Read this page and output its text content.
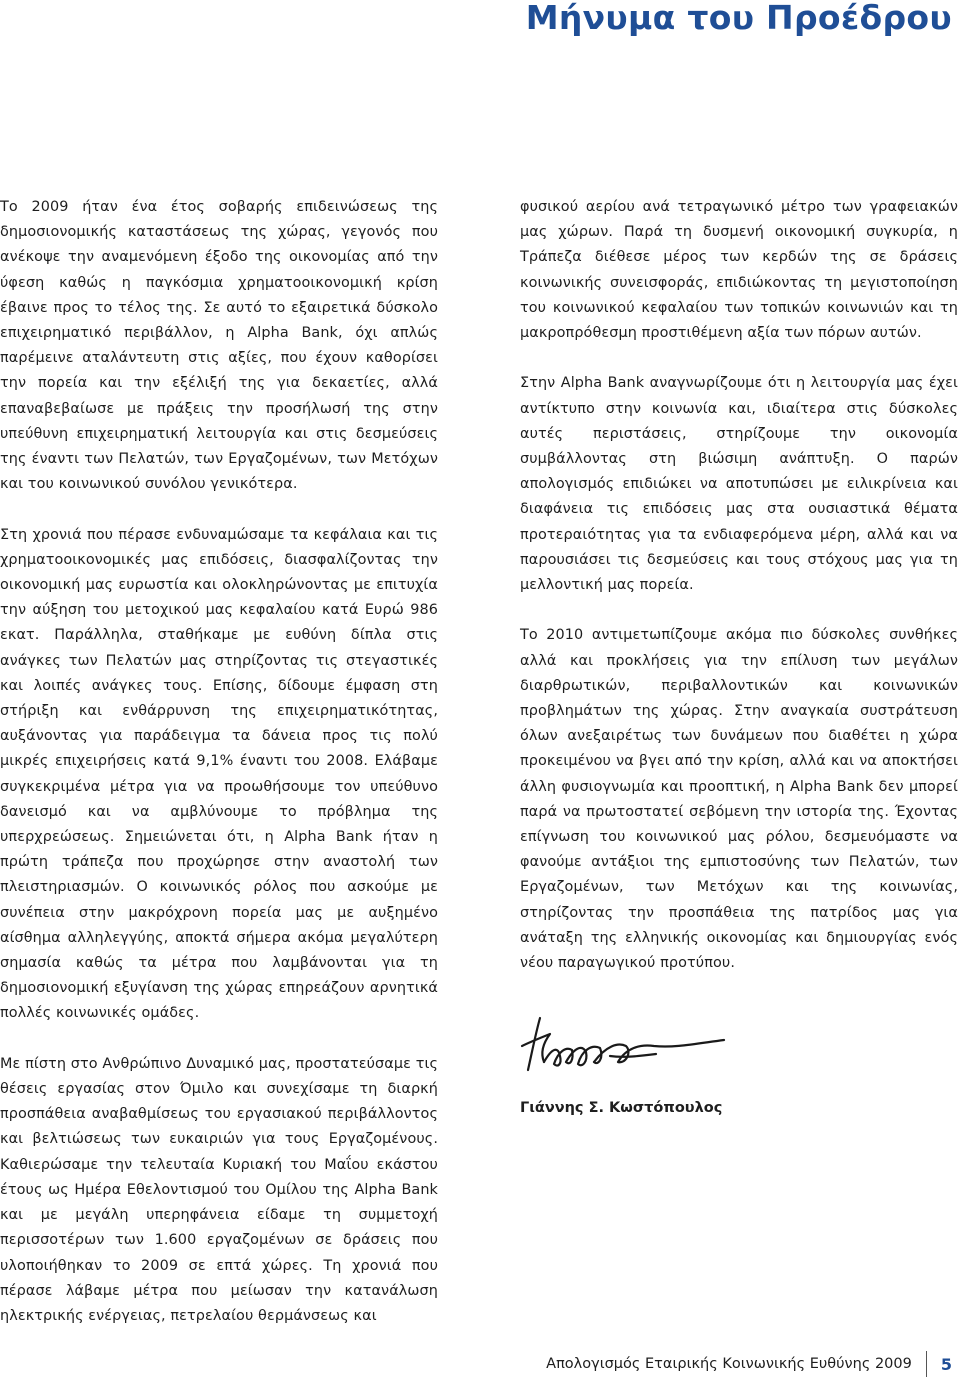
Μήνυμα του Προέδρου

Το 2009 ήταν ένα έτος σοβαρής επιδεινώσεως της δημοσιονομικής καταστάσεως της χώρας, γεγονός που ανέκοψε την αναμενόμενη έξοδο της οικονομίας από την ύφεση καθώς η παγκόσμια χρηματοοικονομική κρίση έβαινε προς το τέλος της. Σε αυτό το εξαιρετικά δύσκολο επιχειρηματικό περιβάλλον, η Alpha Bank, όχι απλώς παρέμεινε αταλάντευτη στις αξίες, που έχουν καθορίσει την πορεία και την εξέλιξή της για δεκαετίες, αλλά επαναβεβαίωσε με πράξεις την προσήλωσή της στην υπεύθυνη επιχειρηματική λειτουργία και στις δεσμεύσεις της έναντι των Πελατών, των Εργαζομένων, των Μετόχων και του κοινωνικού συνόλου γενικότερα.

Στη χρονιά που πέρασε ενδυναμώσαμε τα κεφάλαια και τις χρηματοοικονομικές μας επιδόσεις, διασφαλίζοντας την οικονομική μας ευρωστία και ολοκληρώνοντας με επιτυχία την αύξηση του μετοχικού μας κεφαλαίου κατά Ευρώ 986 εκατ. Παράλληλα, σταθήκαμε με ευθύνη δίπλα στις ανάγκες των Πελατών μας στηρίζοντας τις στεγαστικές και λοιπές ανάγκες τους. Επίσης, δίδουμε έμφαση στη στήριξη και ενθάρρυνση της επιχειρηματικότητας, αυξάνοντας για παράδειγμα τα δάνεια προς τις πολύ μικρές επιχειρήσεις κατά 9,1% έναντι του 2008. Ελάβαμε συγκεκριμένα μέτρα για να προωθήσουμε τον υπεύθυνο δανεισμό και να αμβλύνουμε το πρόβλημα της υπερχρεώσεως. Σημειώνεται ότι, η Alpha Bank ήταν η πρώτη τράπεζα που προχώρησε στην αναστολή των πλειστηριασμών. Ο κοινωνικός ρόλος που ασκούμε με συνέπεια στην μακρόχρονη πορεία μας με αυξημένο αίσθημα αλληλεγγύης, αποκτά σήμερα ακόμα μεγαλύτερη σημασία καθώς τα μέτρα που λαμβάνονται για τη δημοσιονομική εξυγίανση της χώρας επηρεάζουν αρνητικά πολλές κοινωνικές ομάδες.

Με πίστη στο Ανθρώπινο Δυναμικό μας, προστατεύσαμε τις θέσεις εργασίας στον Όμιλο και συνεχίσαμε τη διαρκή προσπάθεια αναβαθμίσεως του εργασιακού περιβάλλοντος και βελτιώσεως των ευκαιριών για τους Εργαζομένους. Καθιερώσαμε την τελευταία Κυριακή του Μαΐου εκάστου έτους ως Ημέρα Εθελοντισμού του Ομίλου της Alpha Bank και με μεγάλη υπερηφάνεια είδαμε τη συμμετοχή περισσοτέρων των 1.600 εργαζομένων σε δράσεις που υλοποιήθηκαν το 2009 σε επτά χώρες. Τη χρονιά που πέρασε λάβαμε μέτρα που μείωσαν την κατανάλωση ηλεκτρικής ενέργειας, πετρελαίου θερμάνσεως και

φυσικού αερίου ανά τετραγωνικό μέτρο των γραφειακών μας χώρων. Παρά τη δυσμενή οικονομική συγκυρία, η Τράπεζα διέθεσε μέρος των κερδών της σε δράσεις κοινωνικής συνεισφοράς, επιδιώκοντας τη μεγιστοποίηση του κοινωνικού κεφαλαίου των τοπικών κοινωνιών και τη μακροπρόθεσμη προστιθέμενη αξία των πόρων αυτών.

Στην Alpha Bank αναγνωρίζουμε ότι η λειτουργία μας έχει αντίκτυπο στην κοινωνία και, ιδιαίτερα στις δύσκολες αυτές περιστάσεις, στηρίζουμε την οικονομία συμβάλλοντας στη βιώσιμη ανάπτυξη. Ο παρών απολογισμός επιδιώκει να αποτυπώσει με ειλικρίνεια και διαφάνεια τις επιδόσεις μας στα ουσιαστικά θέματα προτεραιότητας για τα ενδιαφερόμενα μέρη, αλλά και να παρουσιάσει τις δεσμεύσεις και τους στόχους μας για τη μελλοντική μας πορεία.

Το 2010 αντιμετωπίζουμε ακόμα πιο δύσκολες συνθήκες αλλά και προκλήσεις για την επίλυση των μεγάλων διαρθρωτικών, περιβαλλοντικών και κοινωνικών προβλημάτων της χώρας. Στην αναγκαία συστράτευση όλων ανεξαιρέτως των δυνάμεων που διαθέτει η χώρα προκειμένου να βγει από την κρίση, αλλά και να αποκτήσει άλλη φυσιογνωμία και προοπτική, η Alpha Bank δεν μπορεί παρά να πρωτοστατεί σεβόμενη την ιστορία της. Έχοντας επίγνωση του κοινωνικού μας ρόλου, δεσμευόμαστε να φανούμε αντάξιοι της εμπιστοσύνης των Πελατών, των Εργαζομένων, των Μετόχων και της κοινωνίας, στηρίζοντας την προσπάθεια της πατρίδος μας για ανάταξη της ελληνικής οικονομίας και δημιουργίας ενός νέου παραγωγικού προτύπου.

Γιάννης Σ. Κωστόπουλος

Απολογισμός Εταιρικής Κοινωνικής Ευθύνης 2009 5
